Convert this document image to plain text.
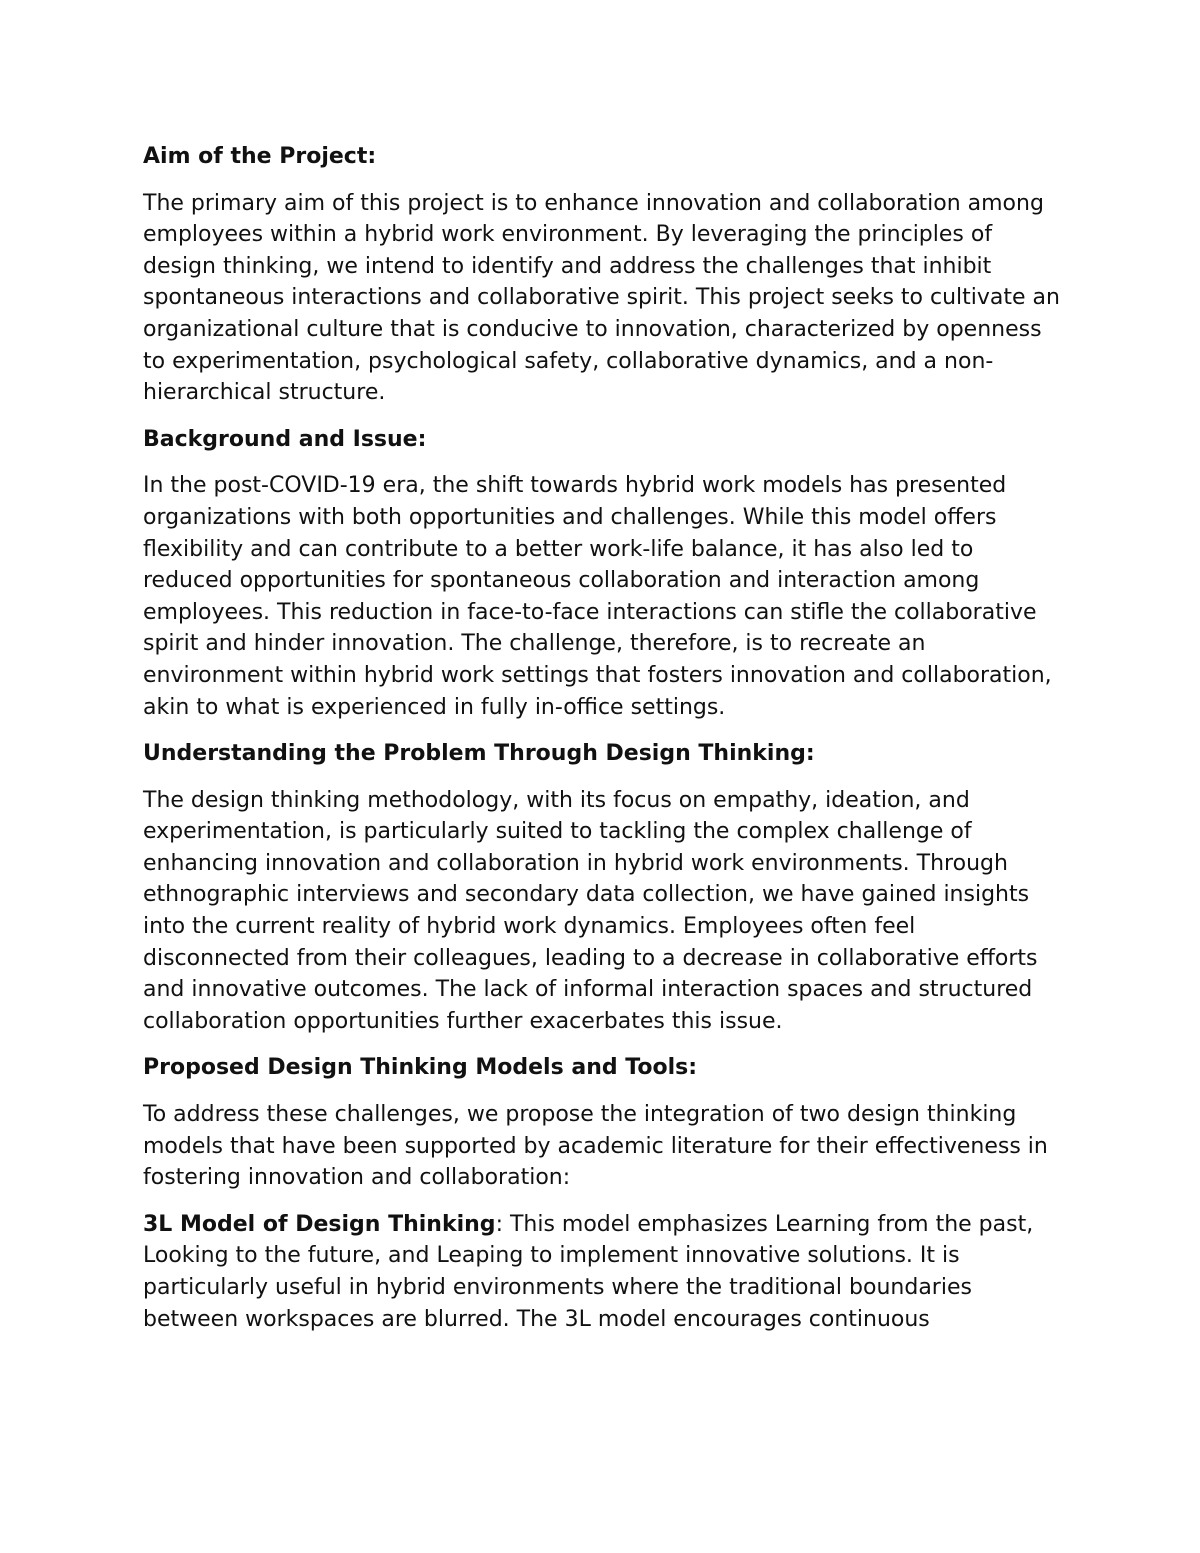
Aim of the Project:
The primary aim of this project is to enhance innovation and collaboration among employees within a hybrid work environment. By leveraging the principles of design thinking, we intend to identify and address the challenges that inhibit spontaneous interactions and collaborative spirit. This project seeks to cultivate an organizational culture that is conducive to innovation, characterized by openness to experimentation, psychological safety, collaborative dynamics, and a non-hierarchical structure.
Background and Issue:
In the post-COVID-19 era, the shift towards hybrid work models has presented organizations with both opportunities and challenges. While this model offers flexibility and can contribute to a better work-life balance, it has also led to reduced opportunities for spontaneous collaboration and interaction among employees. This reduction in face-to-face interactions can stifle the collaborative spirit and hinder innovation. The challenge, therefore, is to recreate an environment within hybrid work settings that fosters innovation and collaboration, akin to what is experienced in fully in-office settings.
Understanding the Problem Through Design Thinking:
The design thinking methodology, with its focus on empathy, ideation, and experimentation, is particularly suited to tackling the complex challenge of enhancing innovation and collaboration in hybrid work environments. Through ethnographic interviews and secondary data collection, we have gained insights into the current reality of hybrid work dynamics. Employees often feel disconnected from their colleagues, leading to a decrease in collaborative efforts and innovative outcomes. The lack of informal interaction spaces and structured collaboration opportunities further exacerbates this issue.
Proposed Design Thinking Models and Tools:
To address these challenges, we propose the integration of two design thinking models that have been supported by academic literature for their effectiveness in fostering innovation and collaboration:
3L Model of Design Thinking: This model emphasizes Learning from the past, Looking to the future, and Leaping to implement innovative solutions. It is particularly useful in hybrid environments where the traditional boundaries between workspaces are blurred. The 3L model encourages continuous
